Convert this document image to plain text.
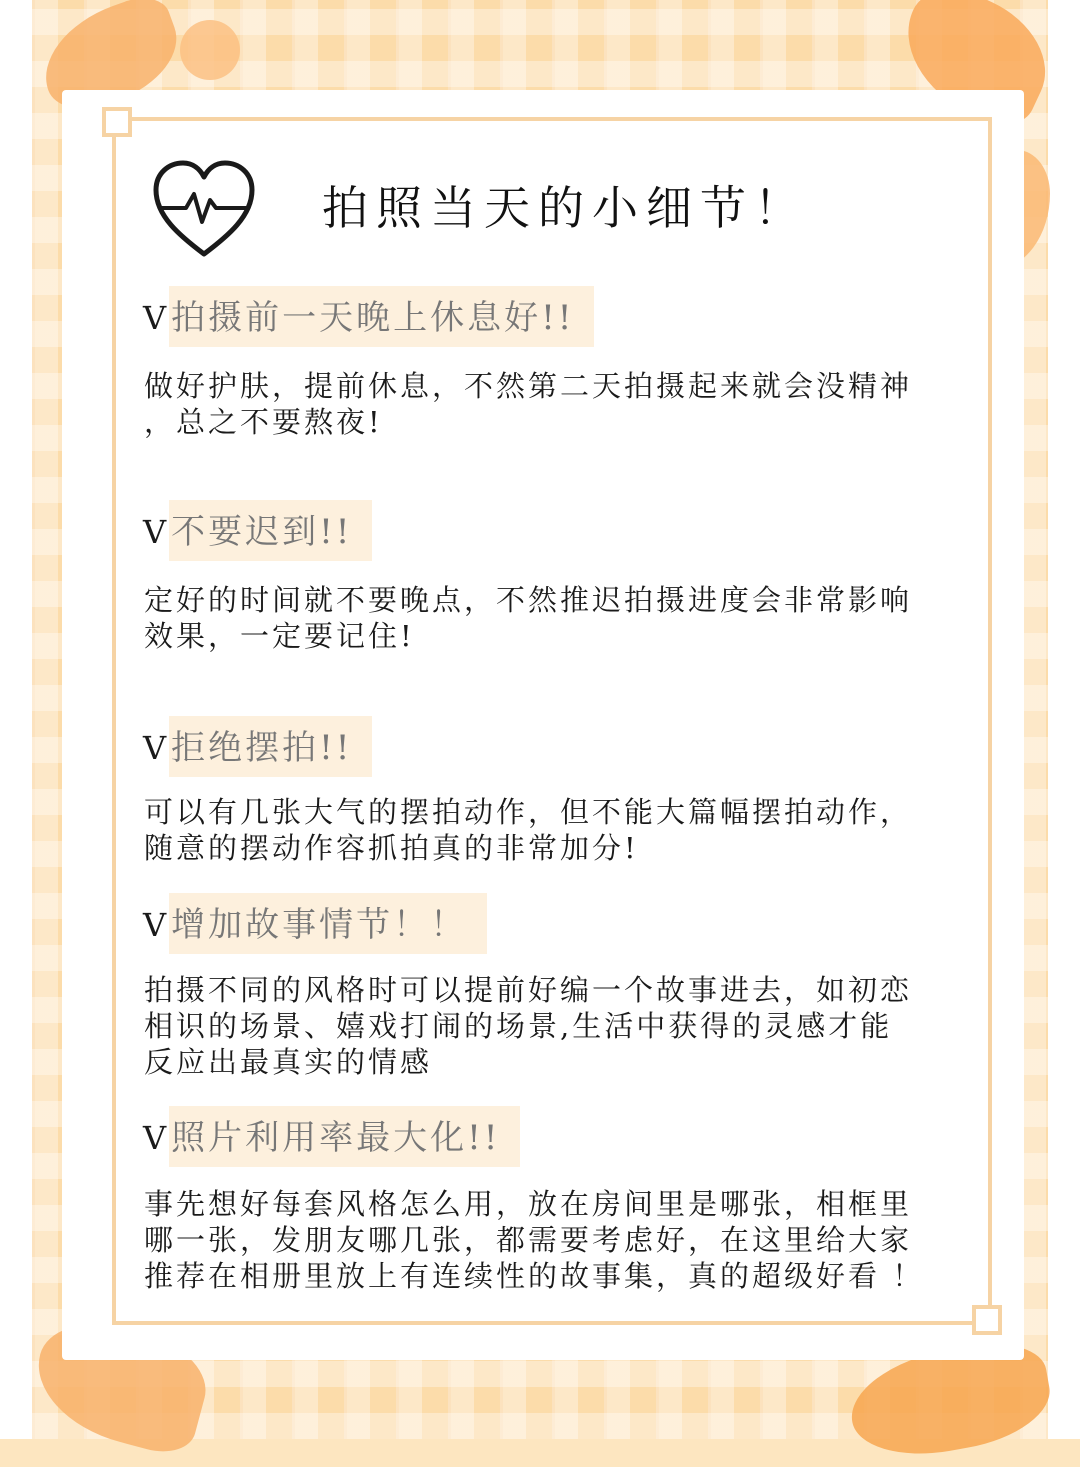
拍照当天的小细节！
V拍摄前一天晚上休息好!!
做好护肤，提前休息，不然第二天拍摄起来就会没精神
，总之不要熬夜!
V不要迟到!!
定好的时间就不要晚点，不然推迟拍摄进度会非常影响
效果，一定要记住!
V拒绝摆拍!!
可以有几张大气的摆拍动作，但不能大篇幅摆拍动作，
随意的摆动作容抓拍真的非常加分!
V增加故事情节！！
拍摄不同的风格时可以提前好编一个故事进去，如初恋
相识的场景、嬉戏打闹的场景,生活中获得的灵感才能
反应出最真实的情感
V照片利用率最大化!!
事先想好每套风格怎么用，放在房间里是哪张，相框里
哪一张，发朋友哪几张，都需要考虑好，在这里给大家
推荐在相册里放上有连续性的故事集，真的超级好看 ！
